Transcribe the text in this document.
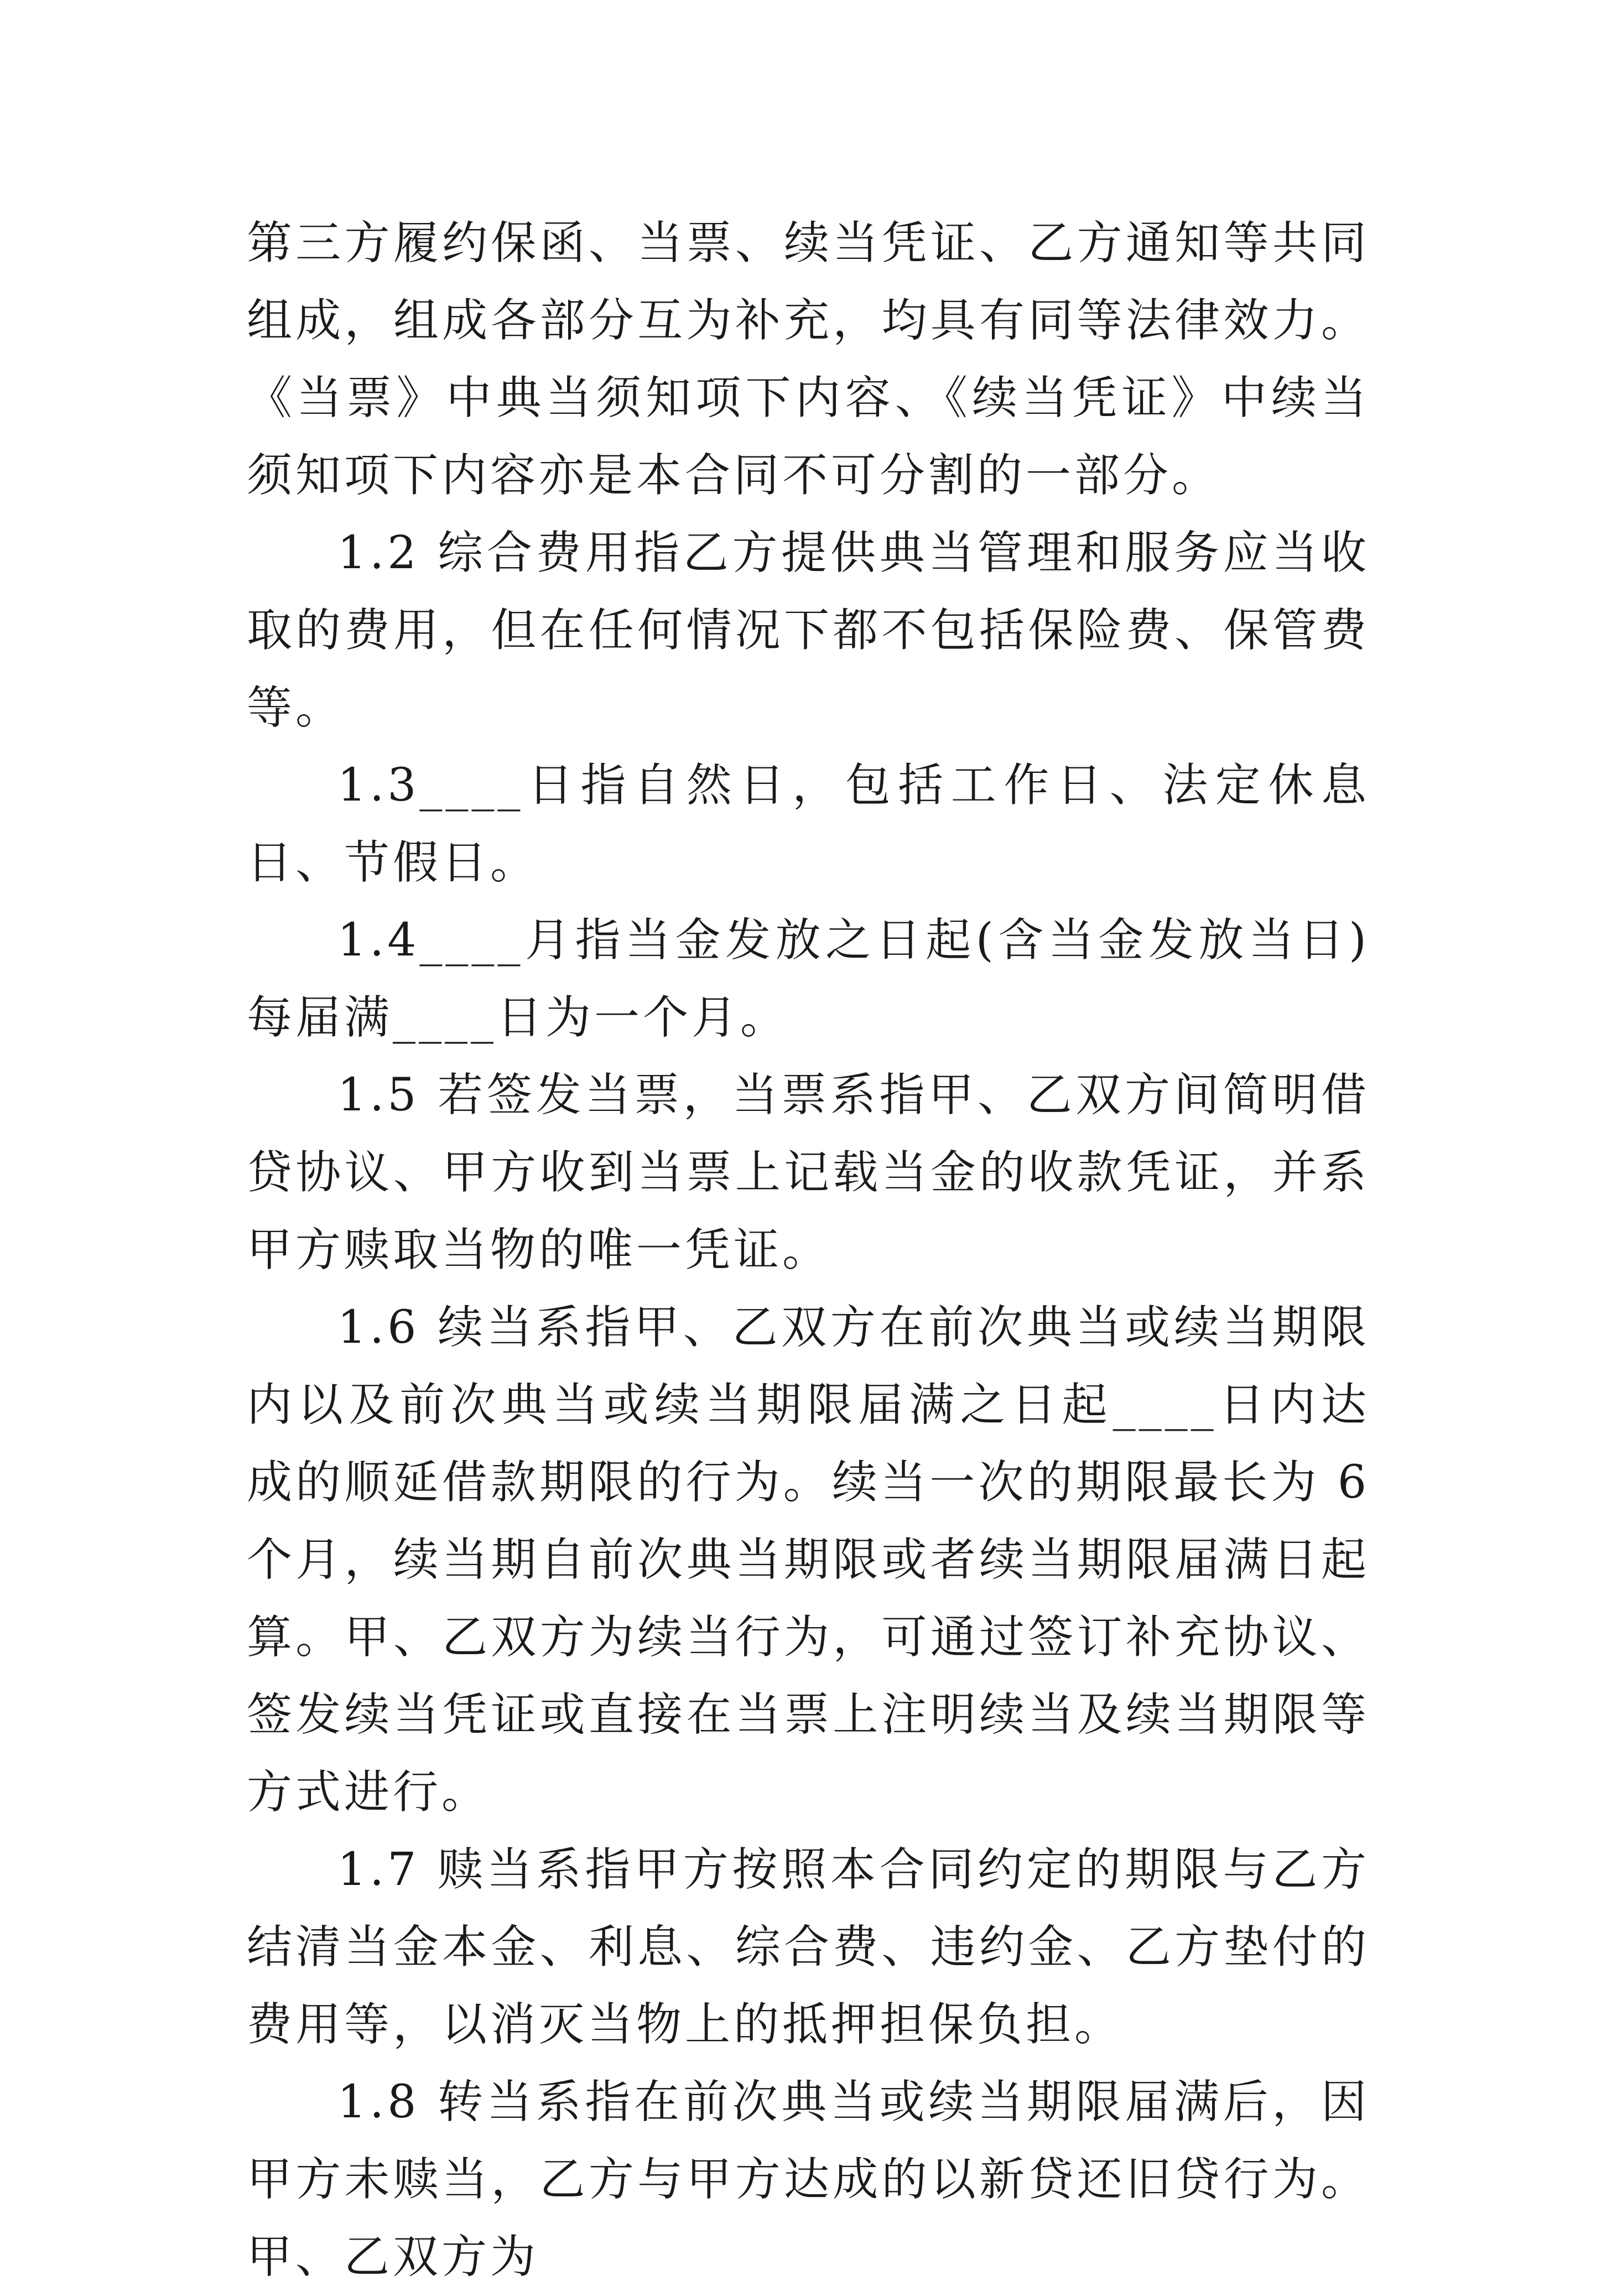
第三方履约保函、当票、续当凭证、乙方通知等共同组成，组成各部分互为补充，均具有同等法律效力。《当票》中典当须知项下内容、《续当凭证》中续当须知项下内容亦是本合同不可分割的一部分。

1.2 综合费用指乙方提供典当管理和服务应当收取的费用，但在任何情况下都不包括保险费、保管费等。

1.3____日指自然日，包括工作日、法定休息日、节假日。

1.4____月指当金发放之日起(含当金发放当日)每届满____日为一个月。

1.5 若签发当票，当票系指甲、乙双方间简明借贷协议、甲方收到当票上记载当金的收款凭证，并系甲方赎取当物的唯一凭证。

1.6 续当系指甲、乙双方在前次典当或续当期限内以及前次典当或续当期限届满之日起____日内达成的顺延借款期限的行为。续当一次的期限最长为 6 个月，续当期自前次典当期限或者续当期限届满日起算。甲、乙双方为续当行为，可通过签订补充协议、签发续当凭证或直接在当票上注明续当及续当期限等方式进行。

1.7 赎当系指甲方按照本合同约定的期限与乙方结清当金本金、利息、综合费、违约金、乙方垫付的费用等，以消灭当物上的抵押担保负担。

1.8 转当系指在前次典当或续当期限届满后，因甲方未赎当，乙方与甲方达成的以新贷还旧贷行为。甲、乙双方为
